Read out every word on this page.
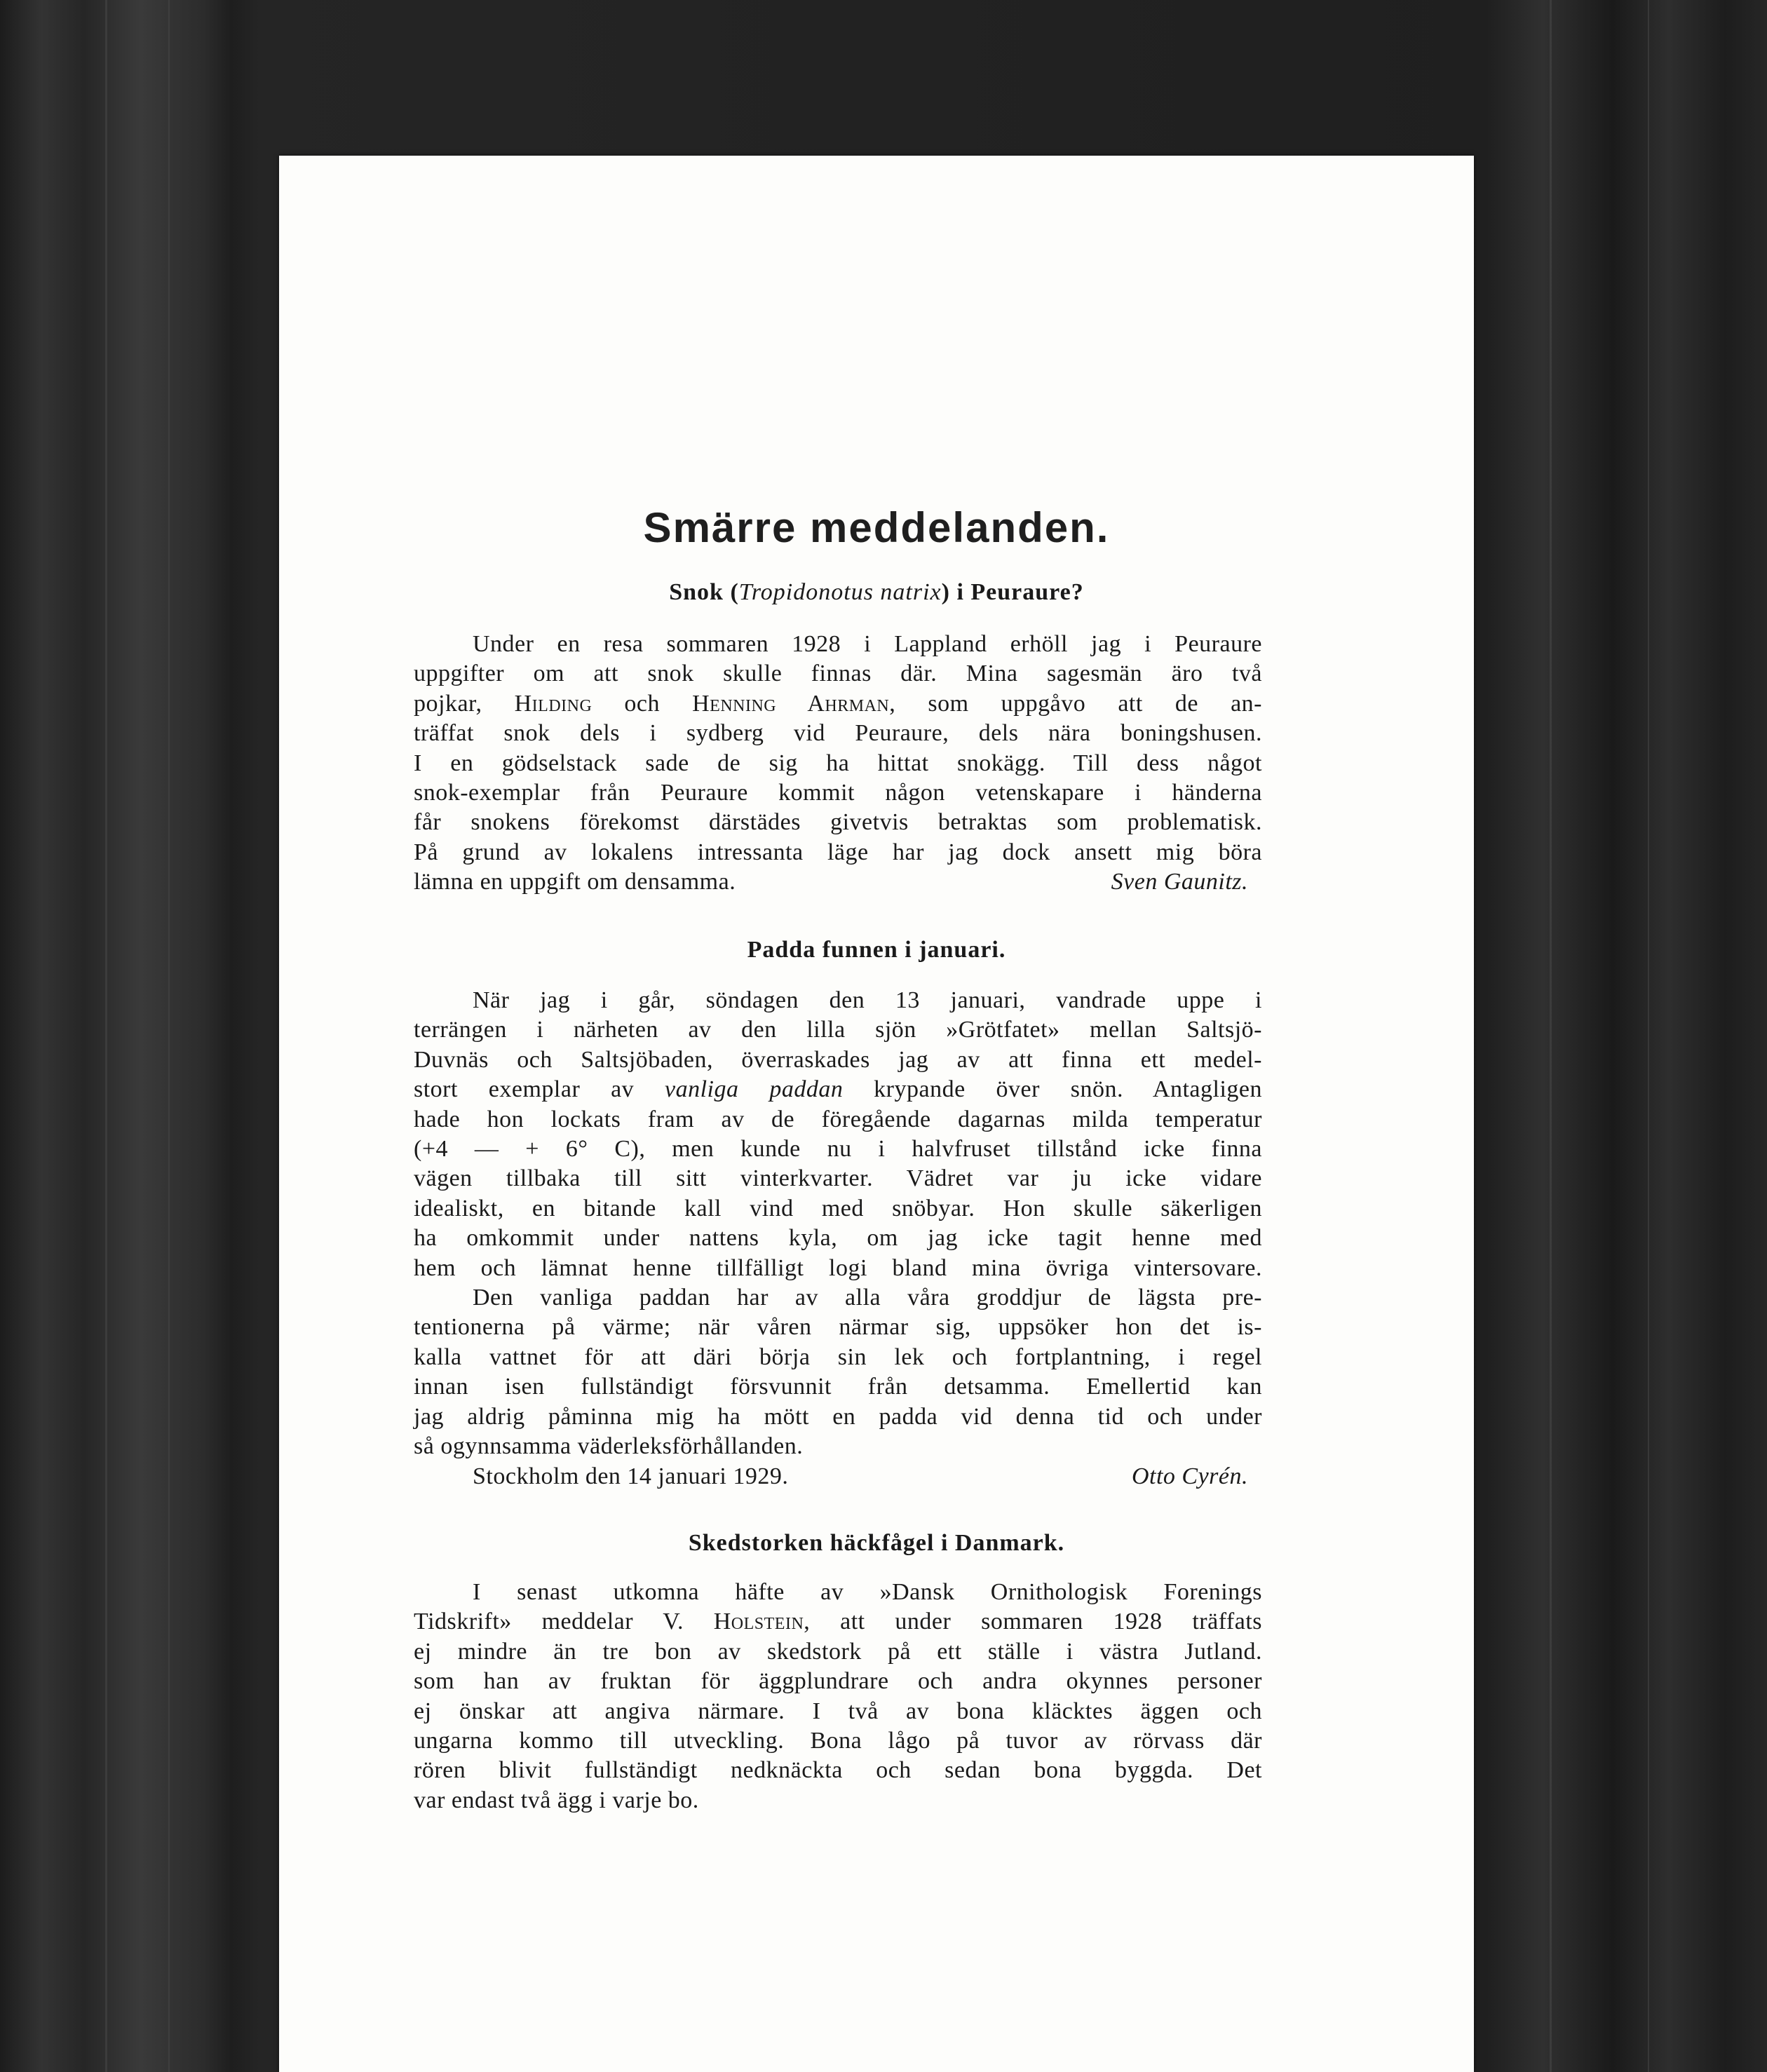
Smärre meddelanden.
Snok (Tropidonotus natrix) i Peuraure?
Under en resa sommaren 1928 i Lappland erhöll jag i Peuraure
uppgifter om att snok skulle finnas där. Mina sagesmän äro två
pojkar, Hilding och Henning Ahrman, som uppgåvo att de an-
träffat snok dels i sydberg vid Peuraure, dels nära boningshusen.
I en gödselstack sade de sig ha hittat snokägg. Till dess något
snok-exemplar från Peuraure kommit någon vetenskapare i händerna
får snokens förekomst därstädes givetvis betraktas som problematisk.
På grund av lokalens intressanta läge har jag dock ansett mig böra
lämna en uppgift om densamma.	Sven Gaunitz.
Padda funnen i januari.
När jag i går, söndagen den 13 januari, vandrade uppe i
terrängen i närheten av den lilla sjön »Grötfatet» mellan Saltsjö-
Duvnäs och Saltsjöbaden, överraskades jag av att finna ett medel-
stort exemplar av vanliga paddan krypande över snön. Antagligen
hade hon lockats fram av de föregående dagarnas milda temperatur
(+4 — + 6° C), men kunde nu i halvfruset tillstånd icke finna
vägen tillbaka till sitt vinterkvarter. Vädret var ju icke vidare
idealiskt, en bitande kall vind med snöbyar. Hon skulle säkerligen
ha omkommit under nattens kyla, om jag icke tagit henne med
hem och lämnat henne tillfälligt logi bland mina övriga vintersovare.
Den vanliga paddan har av alla våra groddjur de lägsta pre-
tentionerna på värme; när våren närmar sig, uppsöker hon det is-
kalla vattnet för att däri börja sin lek och fortplantning, i regel
innan isen fullständigt försvunnit från detsamma. Emellertid kan
jag aldrig påminna mig ha mött en padda vid denna tid och under
så ogynnsamma väderleksförhållanden.
Stockholm den 14 januari 1929.	Otto Cyrén.
Skedstorken häckfågel i Danmark.
I senast utkomna häfte av »Dansk Ornithologisk Forenings
Tidskrift» meddelar V. Holstein, att under sommaren 1928 träffats
ej mindre än tre bon av skedstork på ett ställe i västra Jutland.
som han av fruktan för äggplundrare och andra okynnes personer
ej önskar att angiva närmare. I två av bona kläcktes äggen och
ungarna kommo till utveckling. Bona lågo på tuvor av rörvass där
rören blivit fullständigt nedknäckta och sedan bona byggda. Det
var endast två ägg i varje bo.
